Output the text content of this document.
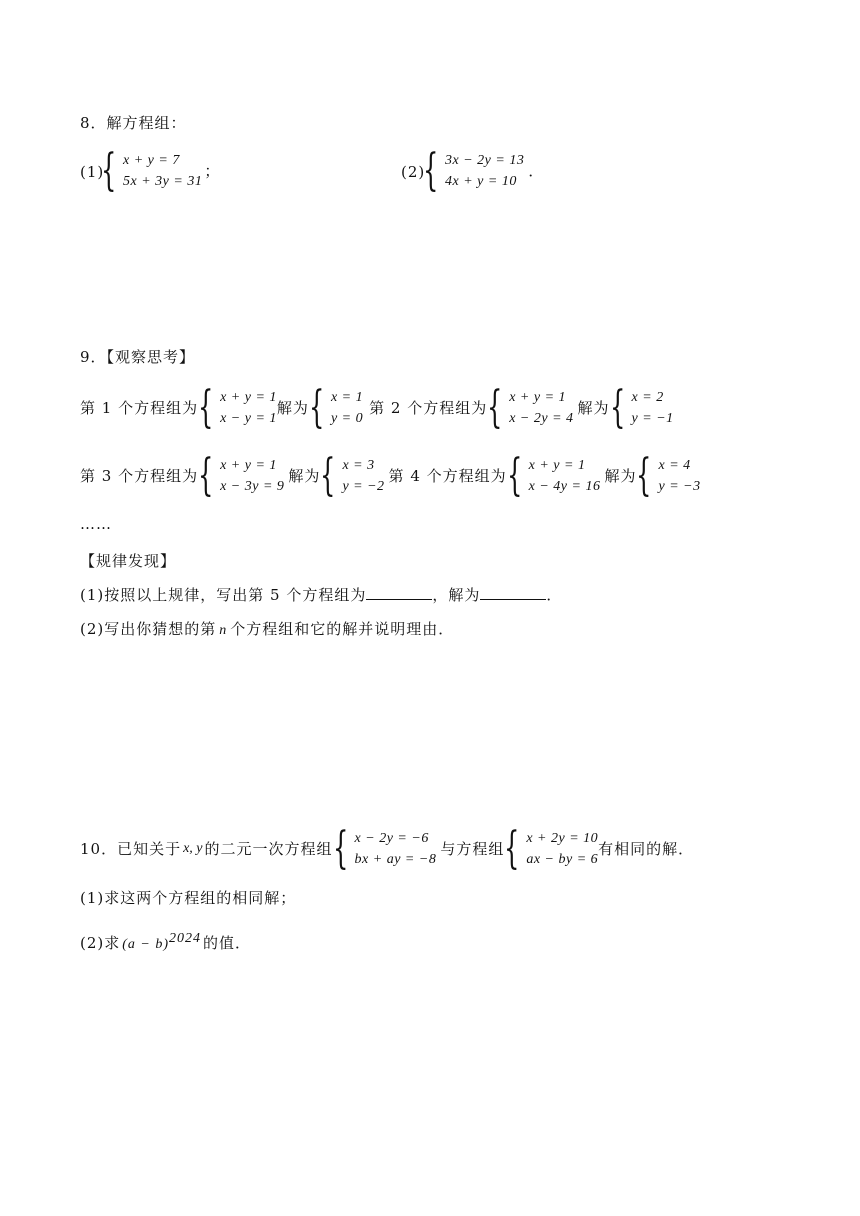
8．解方程组：
(1)
{ x + y = 7
5x + 3y = 31
；	(2)
{ 3x − 2y = 13
4x + y = 10
．
9．【观察思考】
第 1 个方程组为 { x + y = 1
x − y = 1
解为 { x = 1
y = 0
第 2 个方程组为 { x + y = 1
x − 2y = 4
解为 { x = 2
y = −1
第 3 个方程组为 { x + y = 1
x − 3y = 9
解为 { x = 3
y = −2
第 4 个方程组为 { x + y = 1
x − 4y = 16
解为 { x = 4
y = −3
……
【规律发现】
(1)按照以上规律，写出第 5 个方程组为	，解为	．
(2)写出你猜想的第 n 个方程组和它的解并说明理由．
10．已知关于 x, y 的二元一次方程组 { x − 2y = −6
bx + ay = −8
与方程组 { x + 2y = 10
ax − by = 6
有相同的解．
(1)求这两个方程组的相同解；
(2)求 $(a - b)^{2024}$ 的值．
